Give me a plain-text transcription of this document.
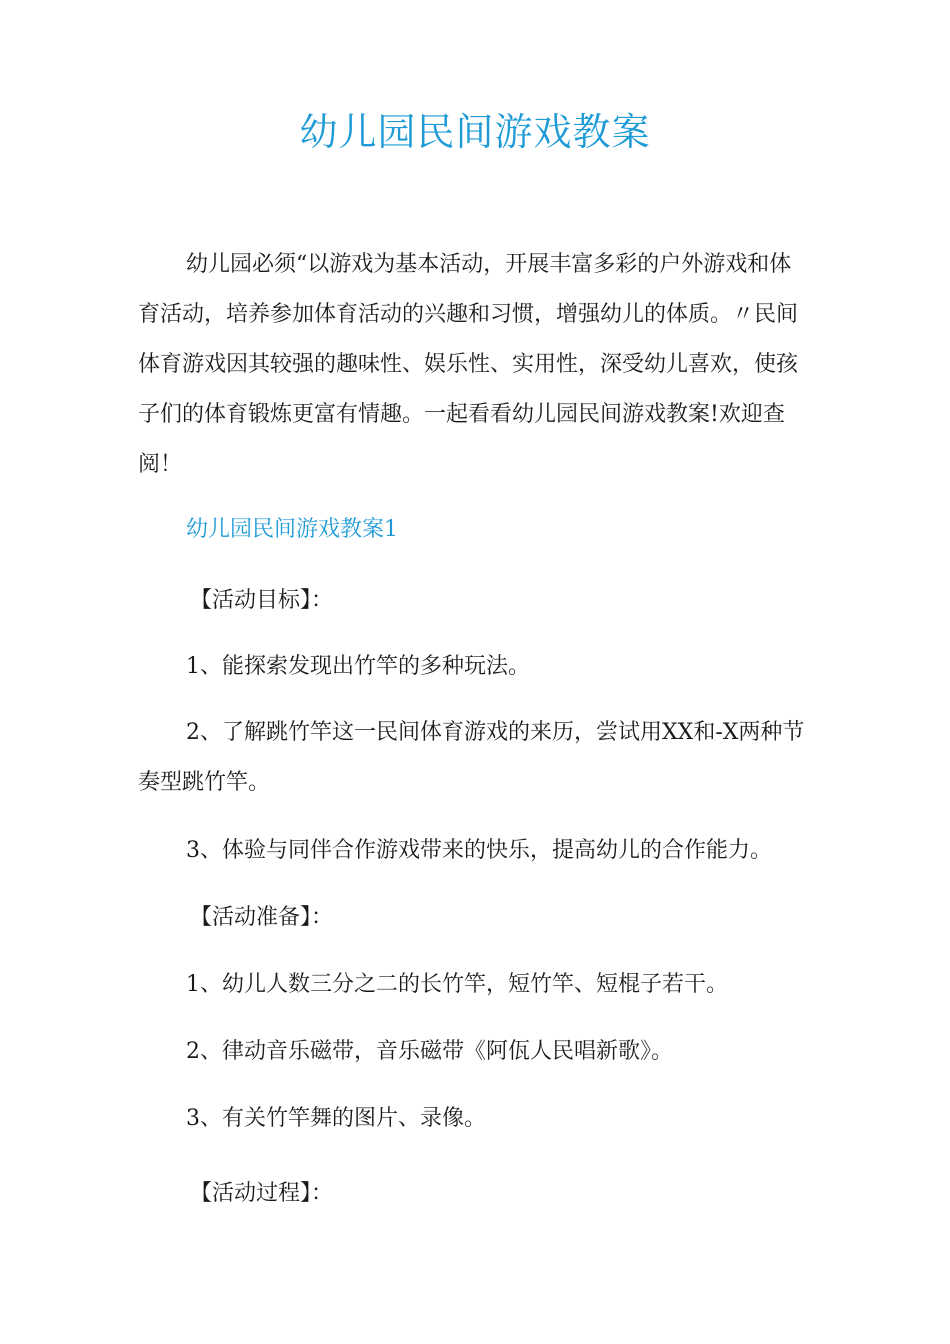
幼儿园民间游戏教案

幼儿园必须“以游戏为基本活动，开展丰富多彩的户外游戏和体育活动，培养参加体育活动的兴趣和习惯，增强幼儿的体质。〃民间体育游戏因其较强的趣味性、娱乐性、实用性，深受幼儿喜欢，使孩子们的体育锻炼更富有情趣。一起看看幼儿园民间游戏教案!欢迎查阅！

幼儿园民间游戏教案1

【活动目标】：

1、能探索发现出竹竿的多种玩法。

2、了解跳竹竿这一民间体育游戏的来历，尝试用XX和-X两种节奏型跳竹竿。

3、体验与同伴合作游戏带来的快乐，提高幼儿的合作能力。

【活动准备】：

1、幼儿人数三分之二的长竹竿，短竹竿、短棍子若干。

2、律动音乐磁带，音乐磁带《阿佤人民唱新歌》。

3、有关竹竿舞的图片、录像。

【活动过程】：
